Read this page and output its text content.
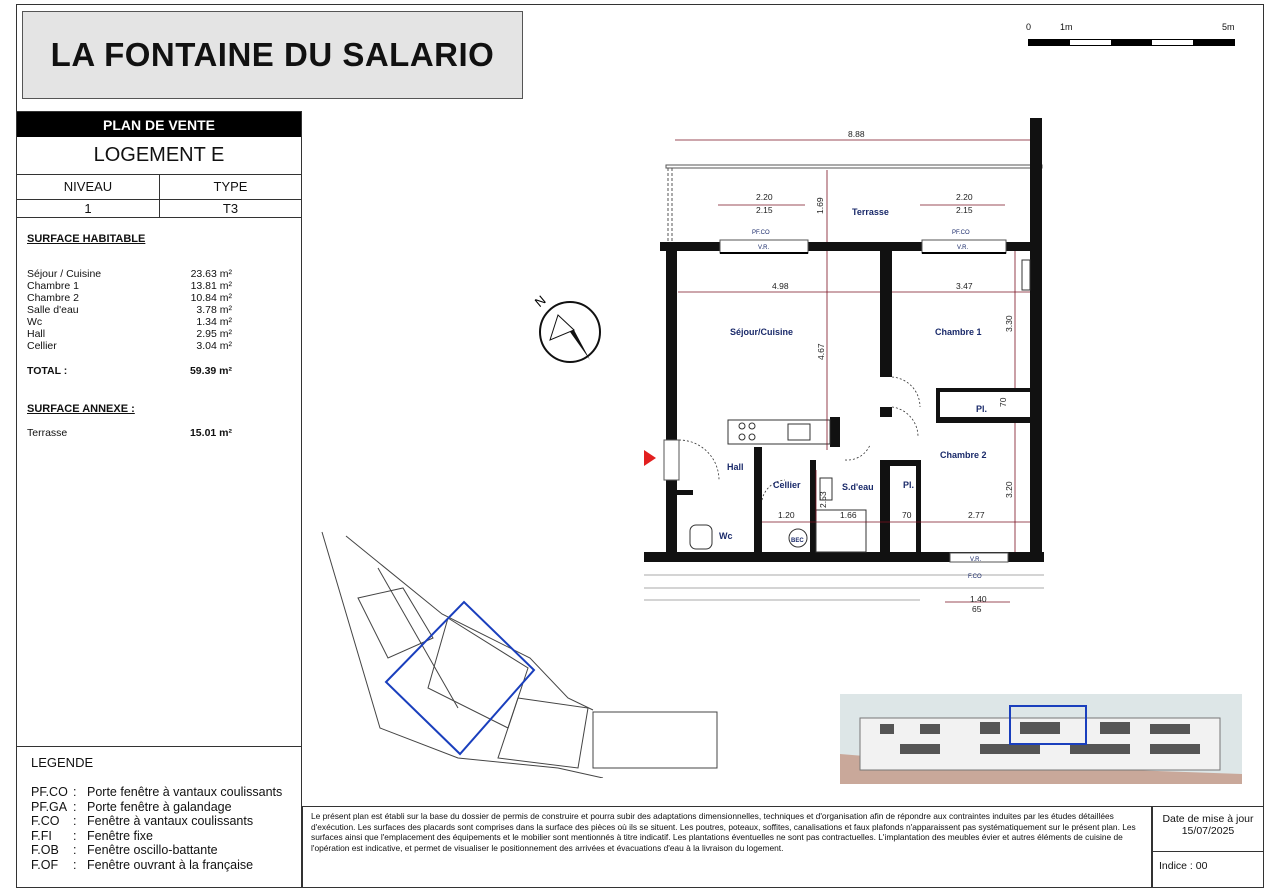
LA FONTAINE DU SALARIO
0	1m	5m
PLAN DE VENTE
LOGEMENT E
NIVEAU	TYPE
1	T3
SURFACE HABITABLE
Séjour / Cuisine	23.63 m²
Chambre 1	13.81 m²
Chambre 2	10.84 m²
Salle d'eau	3.78 m²
Wc	1.34 m²
Hall	2.95 m²
Cellier	3.04 m²
TOTAL :	59.39 m²
SURFACE ANNEXE :
Terrasse	15.01 m²
LEGENDE
PF.CO : Porte fenêtre à vantaux coulissants
PF.GA : Porte fenêtre à galandage
F.CO	: Fenêtre à vantaux coulissants
F.FI	: Fenêtre fixe
F.OB	: Fenêtre oscillo-battante
F.OF	: Fenêtre ouvrant à la française
Terrasse
Séjour/Cuisine	Chambre 1
Chambre 2
Hall
Cellier	S.d'eau
Pl.
Pl.
Wc	BEC
8.88
2.20
2.15
2.20
2.15
1.69
4.98	3.47
4.67
3.30
70
3.20
1.20
2.53
1.66	70	2.77
1.40
65
PF.CO
V.R.
PF.CO
V.R.
V.R.
F.CO
N
Le présent plan est établi sur la base du dossier de permis de construire et pourra subir des adaptations dimensionnelles, techniques et d'organisation afin de répondre aux contraintes induites par les études détaillées d'exécution. Les surfaces des placards sont comprises dans la surface des pièces où ils se situent. Les poutres, poteaux, soffites, canalisations et faux plafonds n'apparaissent pas systématiquement sur le présent plan. Les surfaces ainsi que l'emplacement des équipements et le mobilier sont mentionnés à titre indicatif. Les plantations éventuelles ne sont pas contractuelles. L'implantation des meubles évier et autres éléments de cuisine de l'opération est indicative, et permet de visualiser le positionnement des arrivées et évacuations d'eau à la livraison du logement.
Date de mise à jour
15/07/2025
Indice : 00
